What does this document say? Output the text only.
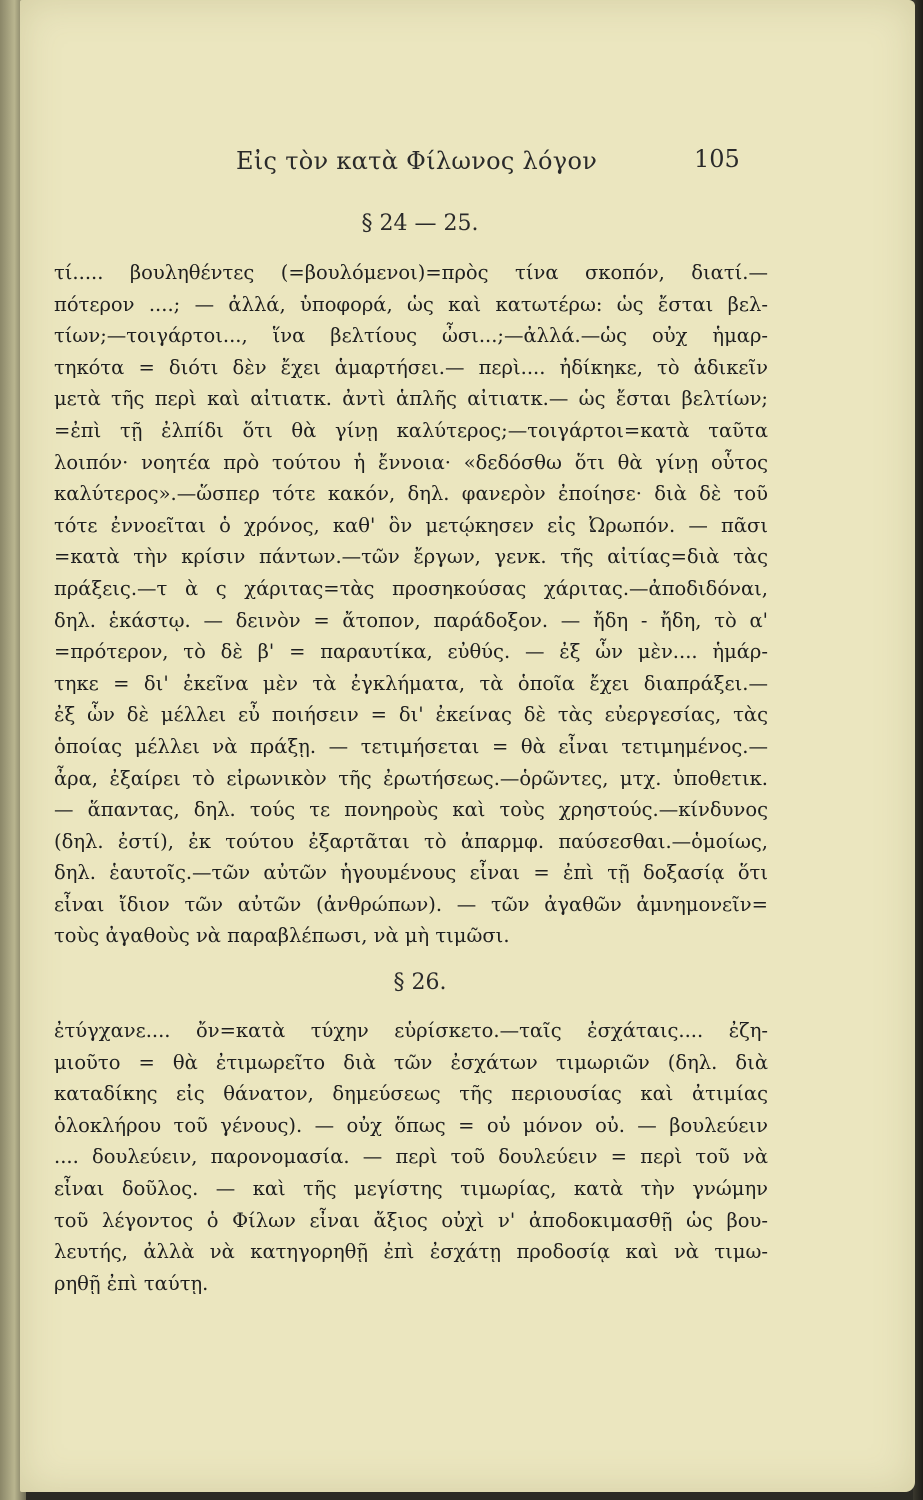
Εἰς τὸν κατὰ Φίλωνος λόγον	105
§ 24 — 25.
τί..... βουληθέντες (=βουλόμενοι)=πρὸς τίνα σκοπόν, διατί.—
πότερον ....; — ἀλλά, ὑποφορά, ὡς καὶ κατωτέρω: ὡς ἔσται βελ-
τίων;—τοιγάρτοι..., ἵνα βελτίους ὦσι...;—ἀλλά.—ὡς οὐχ ἡμαρ-
τηκότα = διότι δὲν ἔχει ἁμαρτήσει.— περὶ.... ἠδίκηκε, τὸ ἀδικεῖν
μετὰ τῆς περὶ καὶ αἰτιατκ. ἀντὶ ἁπλῆς αἰτιατκ.— ὡς ἔσται βελτίων;
=ἐπὶ τῇ ἐλπίδι ὅτι θὰ γίνῃ καλύτερος;—τοιγάρτοι=κατὰ ταῦτα
λοιπόν· νοητέα πρὸ τούτου ἡ ἔννοια· «δεδόσθω ὅτι θὰ γίνῃ οὗτος
καλύτερος».—ὥσπερ τότε κακόν, δηλ. φανερὸν ἐποίησε· διὰ δὲ τοῦ
τότε ἐννοεῖται ὁ χρόνος, καθ' ὃν μετῴκησεν εἰς Ὠρωπόν. — πᾶσι
=κατὰ τὴν κρίσιν πάντων.—τῶν ἔργων, γενκ. τῆς αἰτίας=διὰ τὰς
πράξεις.—τ ὰ ς χάριτας=τὰς προσηκούσας χάριτας.—ἀποδιδόναι,
δηλ. ἑκάστῳ. — δεινὸν = ἄτοπον, παράδοξον. — ἤδη - ἤδη, τὸ α'
=πρότερον, τὸ δὲ β' = παραυτίκα, εὐθύς. — ἐξ ὧν μὲν.... ἡμάρ-
τηκε = δι' ἐκεῖνα μὲν τὰ ἐγκλήματα, τὰ ὁποῖα ἔχει διαπράξει.—
ἐξ ὧν δὲ μέλλει εὖ ποιήσειν = δι' ἐκείνας δὲ τὰς εὐεργεσίας, τὰς
ὁποίας μέλλει νὰ πράξῃ. — τετιμήσεται = θὰ εἶναι τετιμημένος.—
ἆρα, ἐξαίρει τὸ εἰρωνικὸν τῆς ἐρωτήσεως.—ὁρῶντες, μτχ. ὑποθετικ.
— ἅπαντας, δηλ. τούς τε πονηροὺς καὶ τοὺς χρηστούς.—κίνδυνος
(δηλ. ἐστί), ἐκ τούτου ἐξαρτᾶται τὸ ἀπαρμφ. παύσεσθαι.—ὁμοίως,
δηλ. ἑαυτοῖς.—τῶν αὐτῶν ἡγουμένους εἶναι = ἐπὶ τῇ δοξασίᾳ ὅτι
εἶναι ἴδιον τῶν αὐτῶν (ἀνθρώπων). — τῶν ἀγαθῶν ἀμνημονεῖν=
τοὺς ἀγαθοὺς νὰ παραβλέπωσι, νὰ μὴ τιμῶσι.
§ 26.
ἐτύγχανε.... ὄν=κατὰ τύχην εὑρίσκετο.—ταῖς ἐσχάταις.... ἐζη-
μιοῦτο = θὰ ἐτιμωρεῖτο διὰ τῶν ἐσχάτων τιμωριῶν (δηλ. διὰ
καταδίκης εἰς θάνατον, δημεύσεως τῆς περιουσίας καὶ ἀτιμίας
ὁλοκλήρου τοῦ γένους). — οὐχ ὅπως = οὐ μόνον οὐ. — βουλεύειν
.... δουλεύειν, παρονομασία. — περὶ τοῦ δουλεύειν = περὶ τοῦ νὰ
εἶναι δοῦλος. — καὶ τῆς μεγίστης τιμωρίας, κατὰ τὴν γνώμην
τοῦ λέγοντος ὁ Φίλων εἶναι ἄξιος οὐχὶ ν' ἀποδοκιμασθῇ ὡς βου-
λευτής, ἀλλὰ νὰ κατηγορηθῇ ἐπὶ ἐσχάτῃ προδοσίᾳ καὶ νὰ τιμω-
ρηθῇ ἐπὶ ταύτῃ.
